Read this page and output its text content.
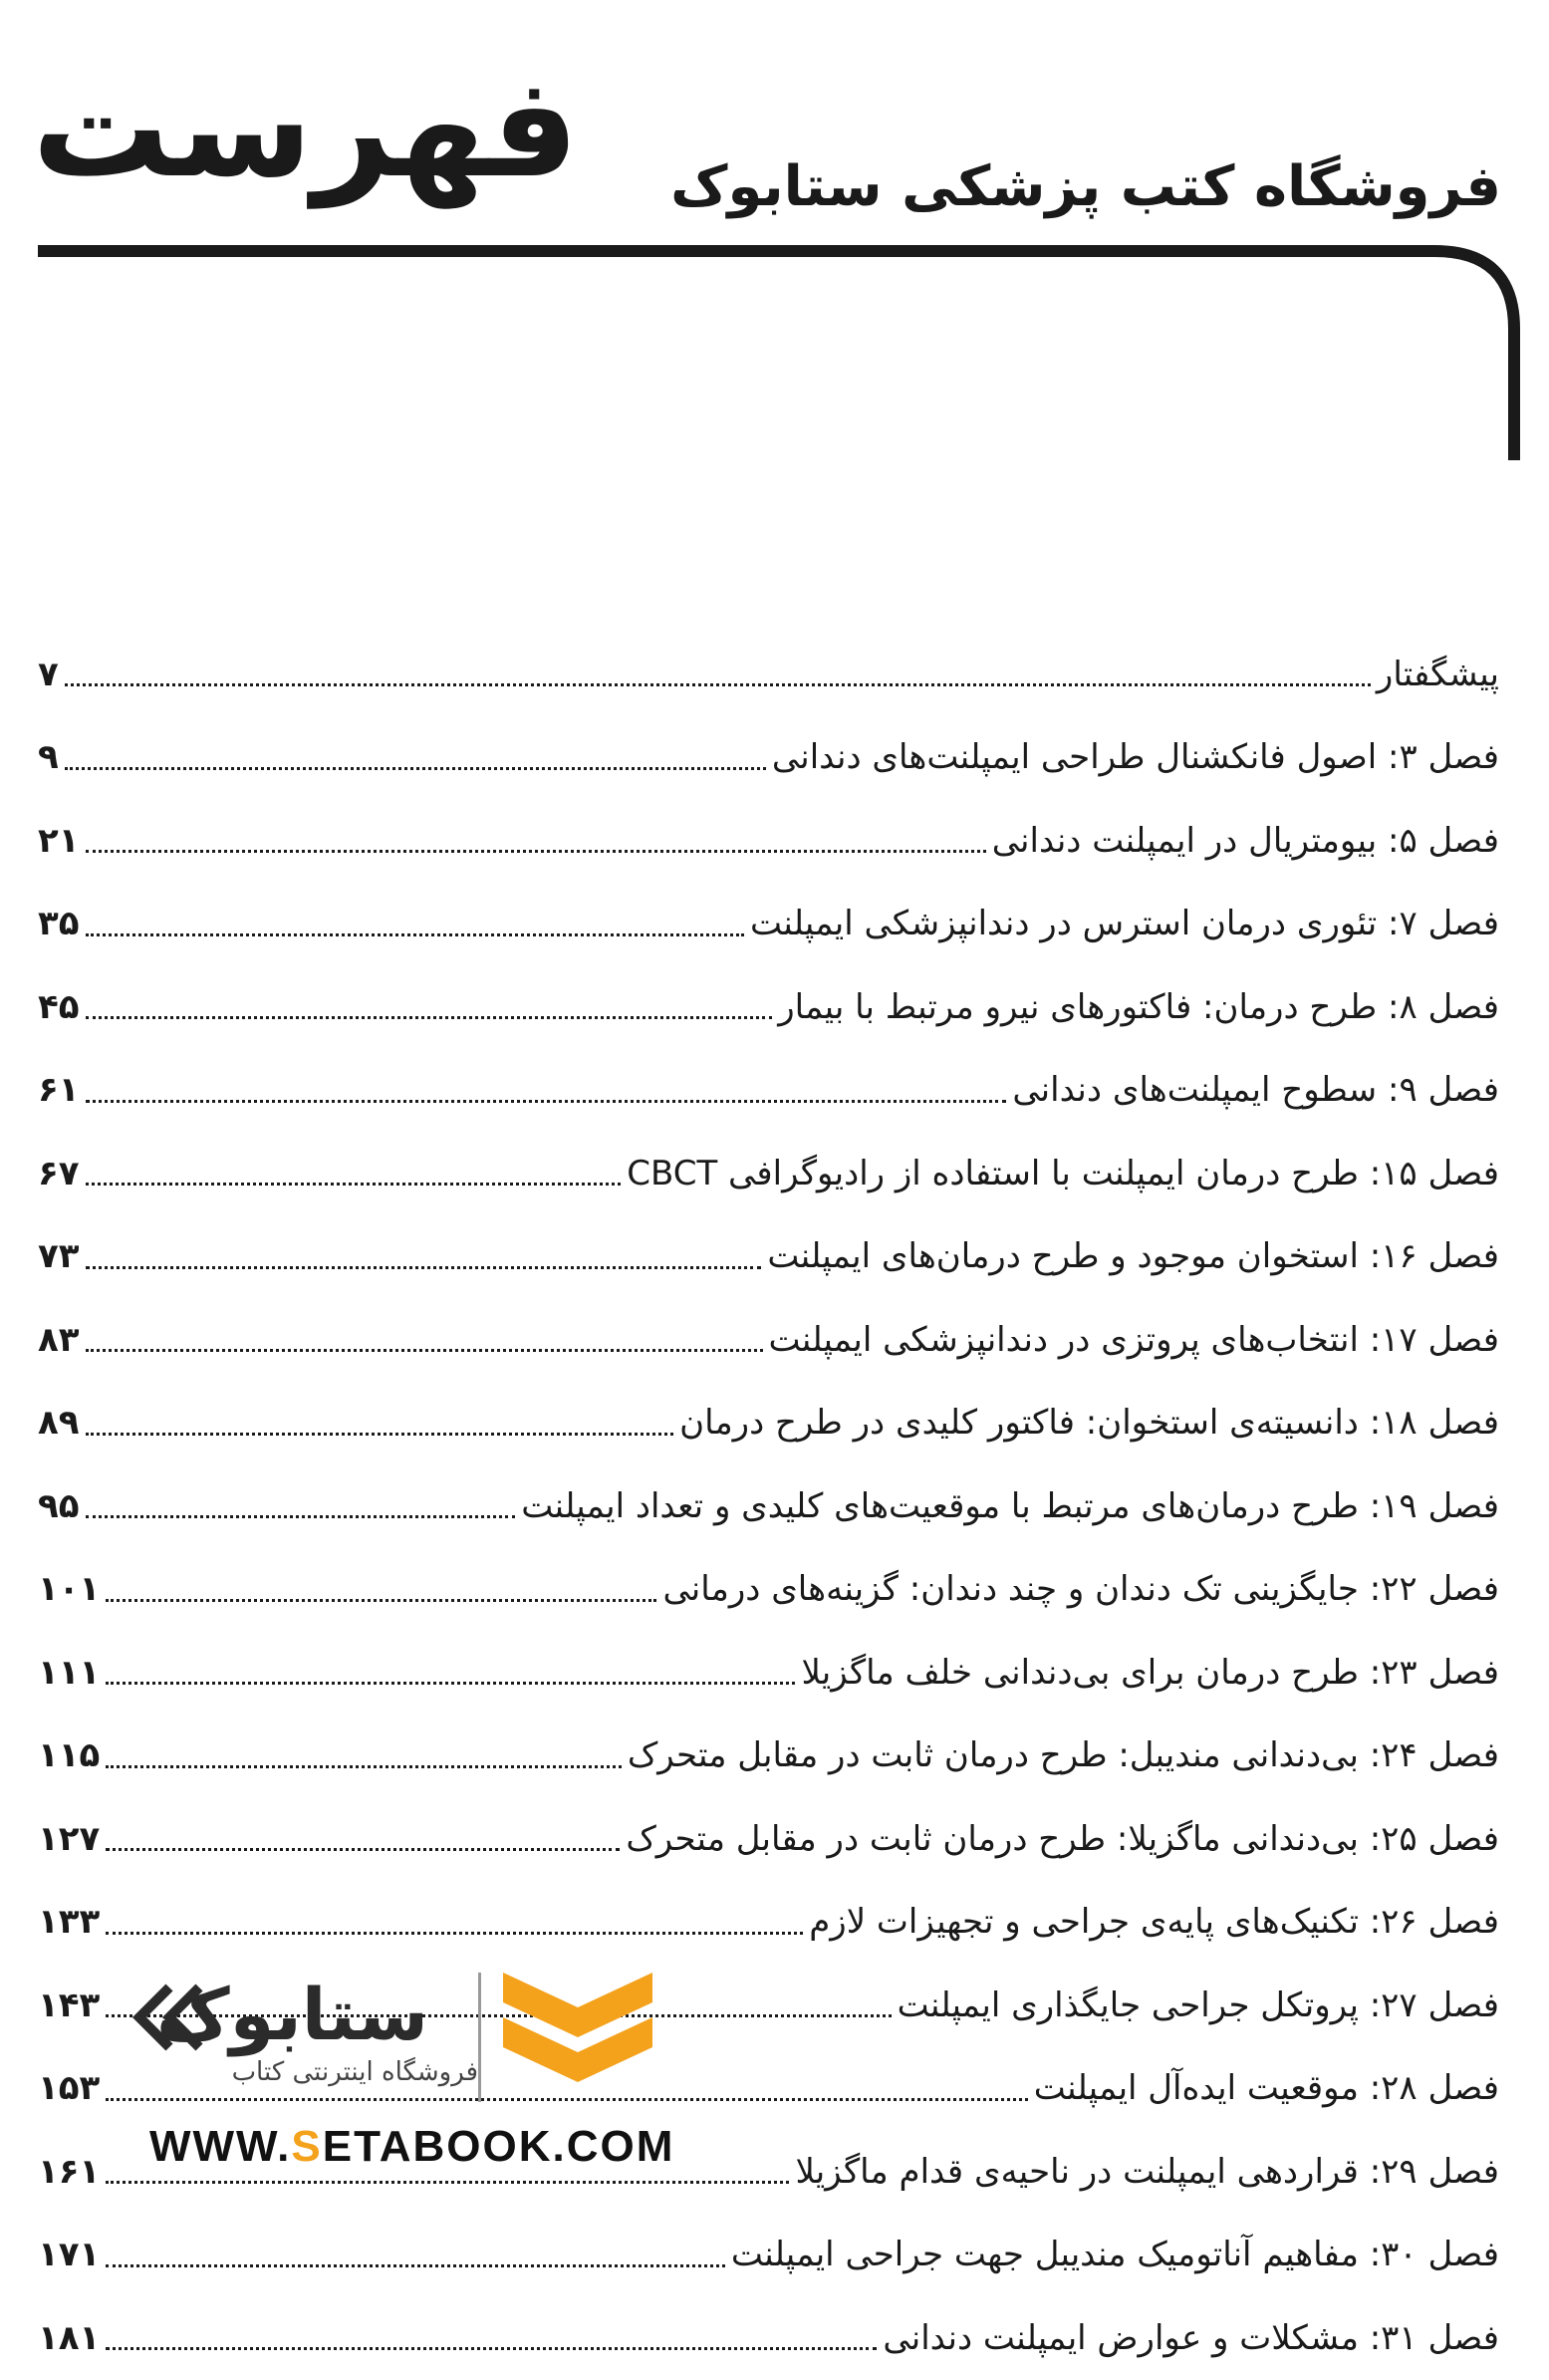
فهرست فروشگاه کتب پزشکی ستابوک
پیشگفتار
۷
فصل ۳: اصول فانکشنال طراحی ایمپلنت‌های دندانی
۹
فصل ۵: بیومتریال در ایمپلنت دندانی
۲۱
فصل ۷: تئوری درمان استرس در دندانپزشکی ایمپلنت
۳۵
فصل ۸: طرح درمان: فاکتورهای نیرو مرتبط با بیمار
۴۵
فصل ۹: سطوح ایمپلنت‌های دندانی
۶۱
فصل ۱۵: طرح درمان ایمپلنت با استفاده از رادیوگرافی CBCT
۶۷
فصل ۱۶: استخوان موجود و طرح درمان‌های ایمپلنت
۷۳
فصل ۱۷: انتخاب‌های پروتزی در دندانپزشکی ایمپلنت
۸۳
فصل ۱۸: دانسیته‌ی استخوان: فاکتور کلیدی در طرح درمان
۸۹
فصل ۱۹: طرح درمان‌های مرتبط با موقعیت‌های کلیدی و تعداد ایمپلنت
۹۵
فصل ۲۲: جایگزینی تک دندان و چند دندان: گزینه‌های درمانی
۱۰۱
فصل ۲۳: طرح درمان برای بی‌دندانی خلف ماگزیلا
۱۱۱
فصل ۲۴: بی‌دندانی مندیبل: طرح درمان ثابت در مقابل متحرک
۱۱۵
فصل ۲۵: بی‌دندانی ماگزیلا: طرح درمان ثابت در مقابل متحرک
۱۲۷
فصل ۲۶: تکنیک‌های پایه‌ی جراحی و تجهیزات لازم
۱۳۳
فصل ۲۷: پروتکل جراحی جایگذاری ایمپلنت
۱۴۳
فصل ۲۸: موقعیت ایده‌آل ایمپلنت
۱۵۳
فصل ۲۹: قراردهی ایمپلنت در ناحیه‌ی قدام ماگزیلا
۱۶۱
فصل ۳۰: مفاهیم آناتومیک مندیبل جهت جراحی ایمپلنت
۱۷۱
فصل ۳۱: مشکلات و عوارض ایمپلنت دندانی
۱۸۱
ستابوک
فروشگاه اینترنتی کتاب
WWW.SETABOOK.COM
